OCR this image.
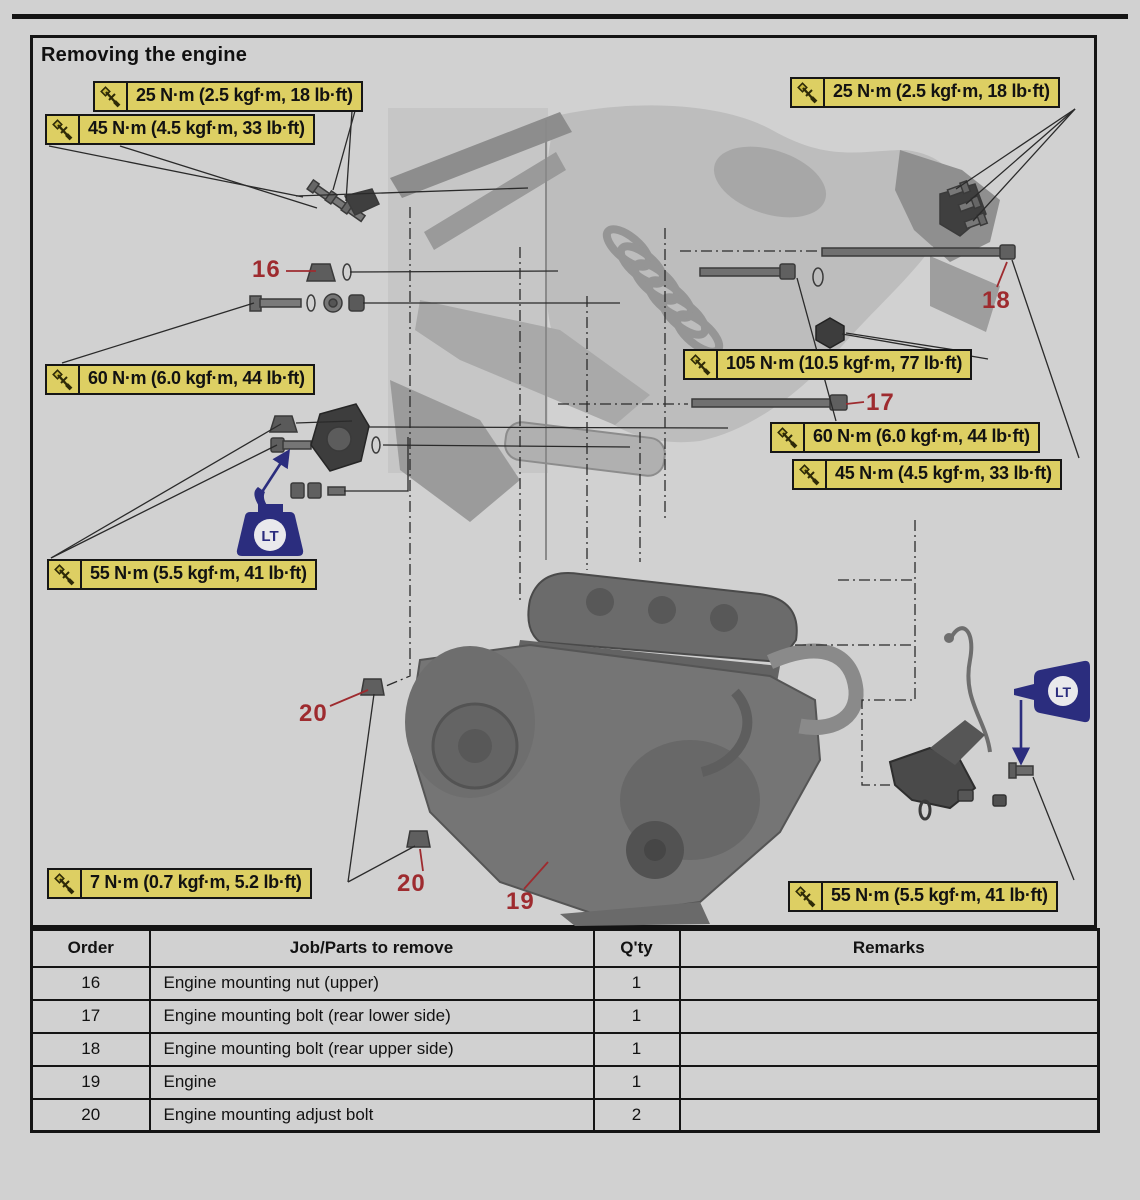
LT
LT
Removing the engine
25 N·m (2.5 kgf·m, 18 lb·ft)
45 N·m (4.5 kgf·m, 33 lb·ft)
25 N·m (2.5 kgf·m, 18 lb·ft)
60 N·m (6.0 kgf·m, 44 lb·ft)
105 N·m (10.5 kgf·m, 77 lb·ft)
60 N·m (6.0 kgf·m, 44 lb·ft)
45 N·m (4.5 kgf·m, 33 lb·ft)
55 N·m (5.5 kgf·m, 41 lb·ft)
7 N·m (0.7 kgf·m, 5.2 lb·ft)
55 N·m (5.5 kgf·m, 41 lb·ft)
16
17
18
19
20
20
Order	Job/Parts to remove	Q'ty	Remarks
16	Engine mounting nut (upper)	1	
17	Engine mounting bolt (rear lower side)	1	
18	Engine mounting bolt (rear upper side)	1	
19	Engine	1	
20	Engine mounting adjust bolt	2	
